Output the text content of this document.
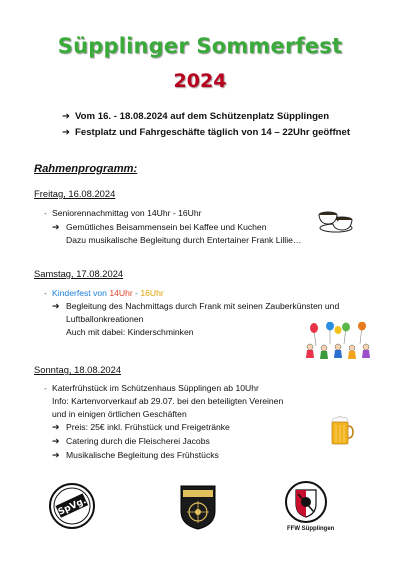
Süpplinger Sommerfest
2024
➔ Vom 16. - 18.08.2024 auf dem Schützenplatz Süpplingen
➔ Festplatz und Fahrgeschäfte täglich von 14 – 22Uhr geöffnet
Rahmenprogramm:
Freitag, 16.08.2024
- Seniorennachmittag von 14Uhr - 16Uhr
➔ Gemütliches Beisammensein bei Kaffee und Kuchen
Dazu musikalische Begleitung durch Entertainer Frank Lillie…
Samstag, 17.08.2024
- Kinderfest von 14Uhr - 16Uhr
➔ Begleitung des Nachmittags durch Frank mit seinen Zauberkünsten und
Luftballonkreationen
Auch mit dabei: Kinderschminken
Sonntag, 18.08.2024
- Katerfrühstück im Schützenhaus Süpplingen ab 10Uhr
Info: Kartenvorverkauf ab 29.07. bei den beteiligten Vereinen
und in einigen örtlichen Geschäften
➔ Preis: 25€ inkl. Frühstück und Freigetränke
➔ Catering durch die Fleischerei Jacobs
➔ Musikalische Begleitung des Frühstücks
SpVg.
FFW Süpplingen
